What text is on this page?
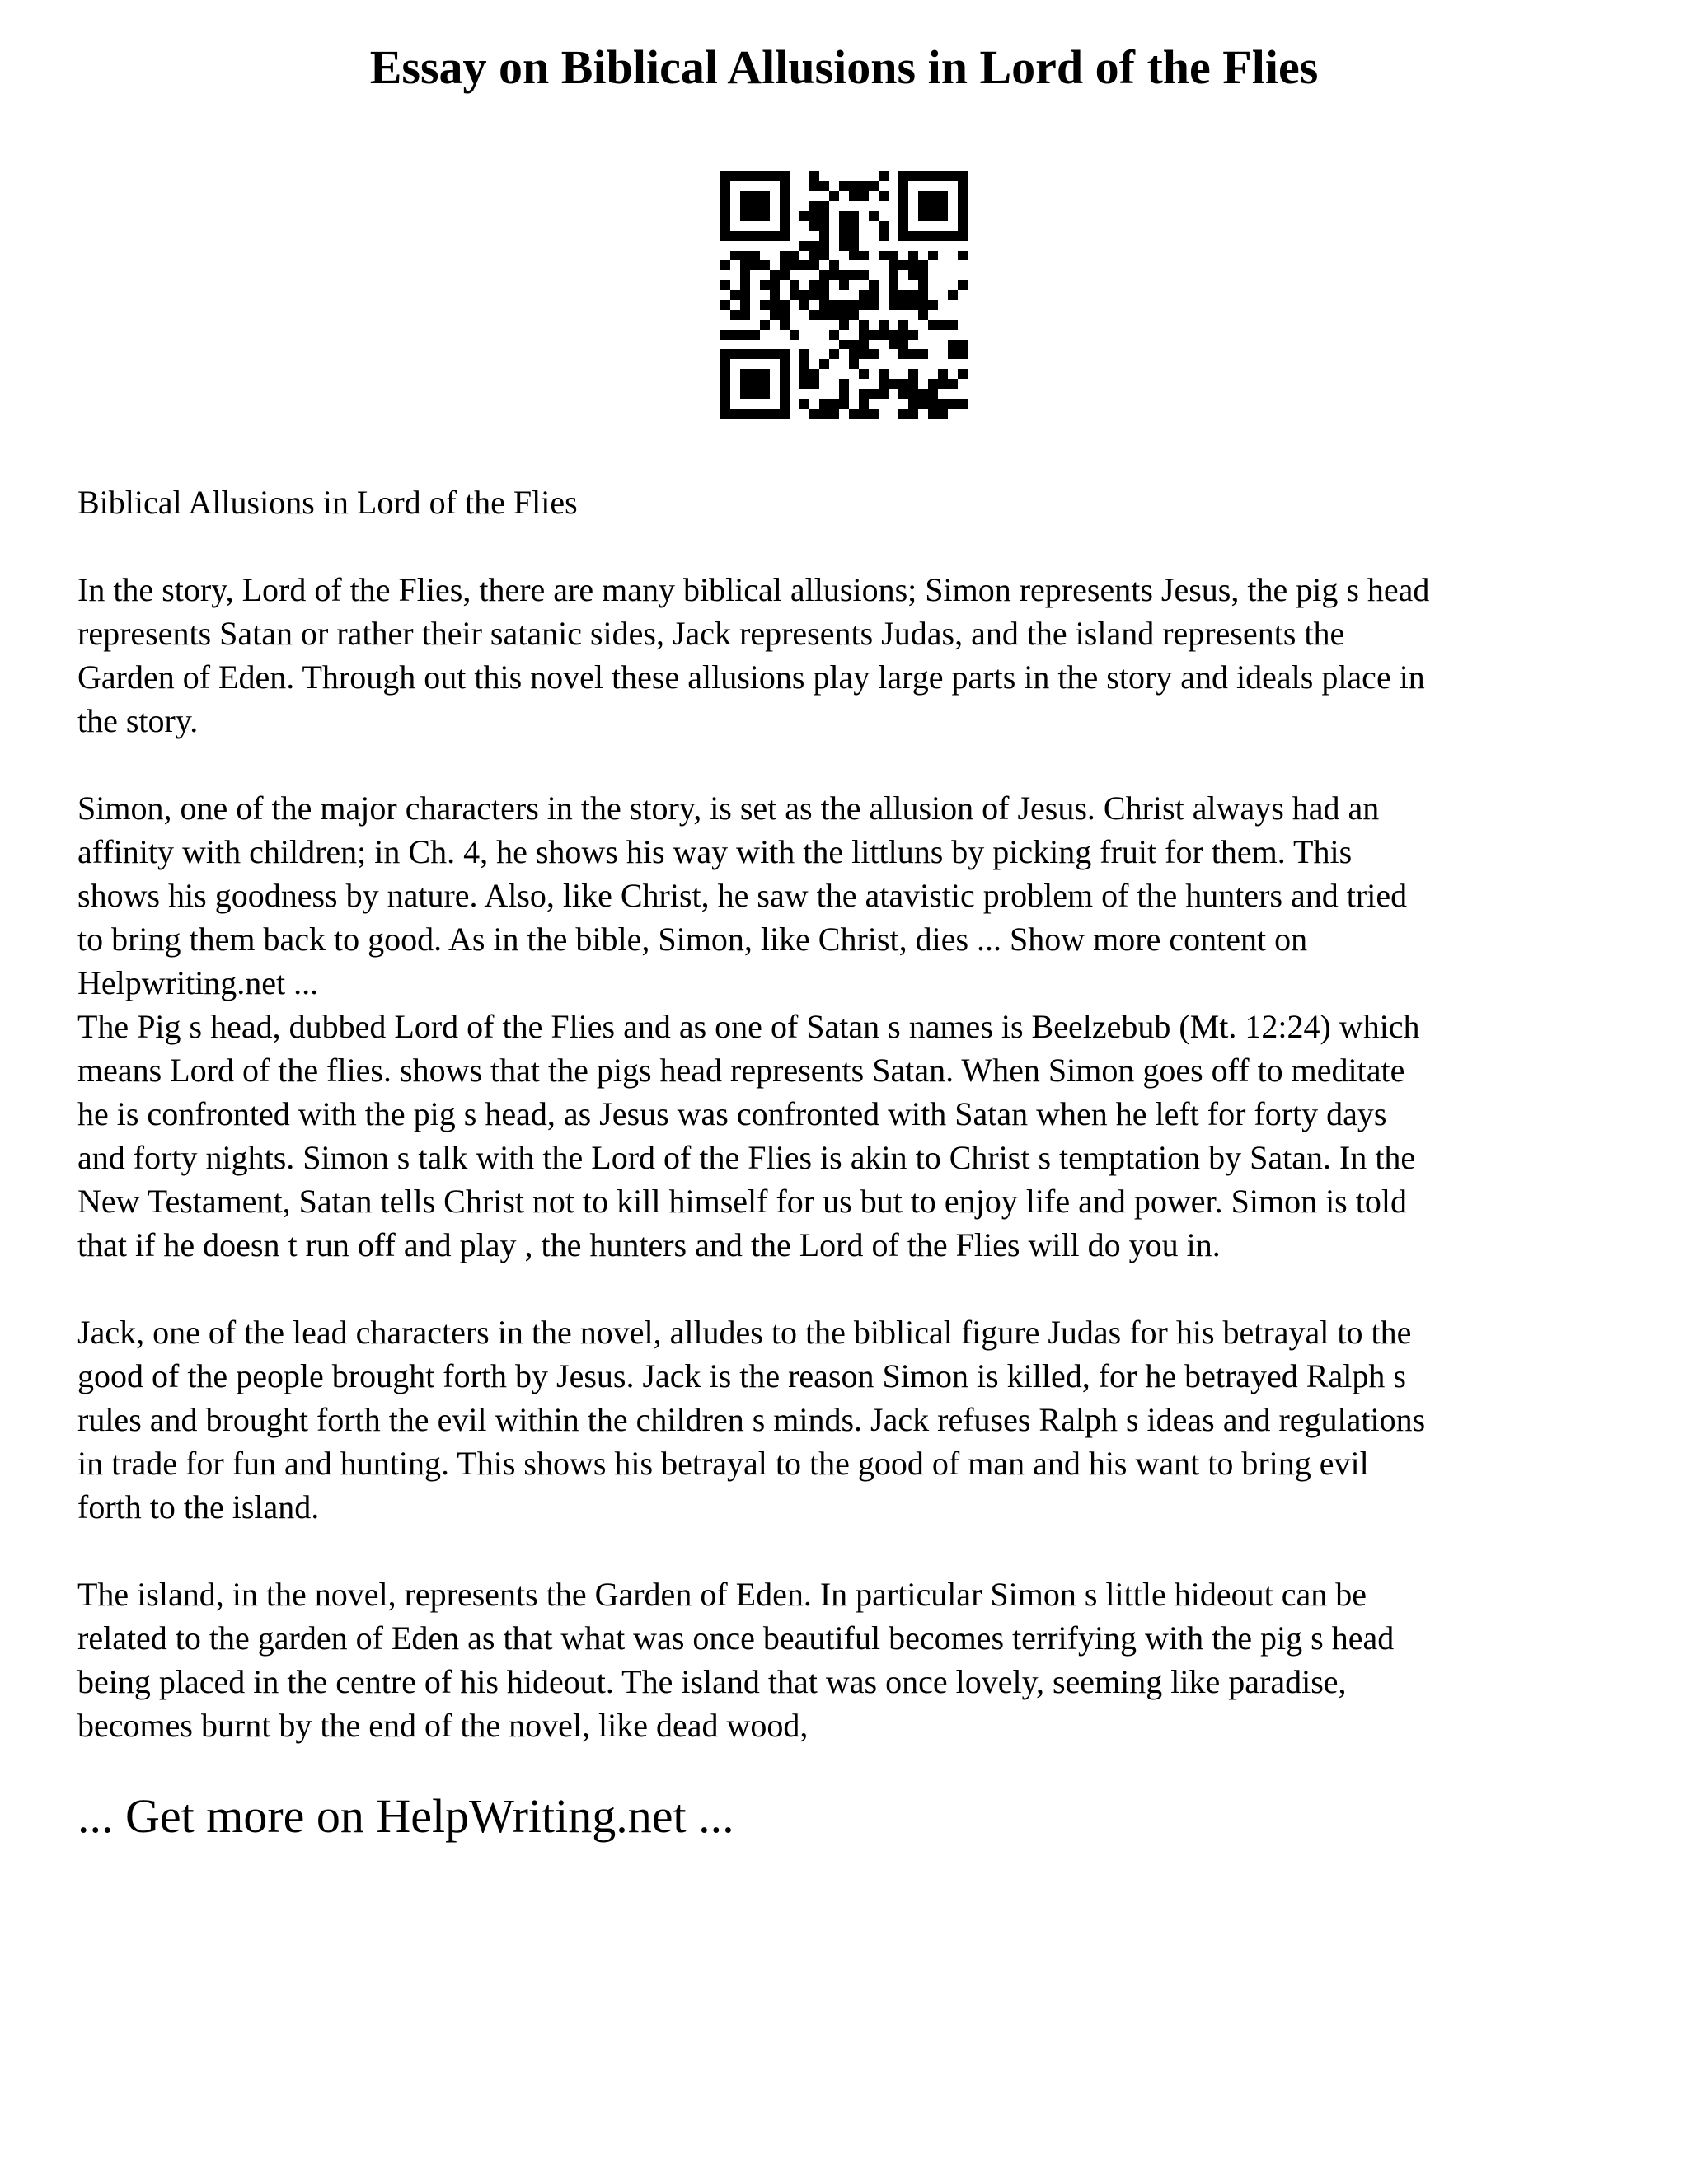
Essay on Biblical Allusions in Lord of the Flies

Biblical Allusions in Lord of the Flies

In the story, Lord of the Flies, there are many biblical allusions; Simon represents Jesus, the pig s head

represents Satan or rather their satanic sides, Jack represents Judas, and the island represents the

Garden of Eden. Through out this novel these allusions play large parts in the story and ideals place in

the story.

Simon, one of the major characters in the story, is set as the allusion of Jesus. Christ always had an

affinity with children; in Ch. 4, he shows his way with the littluns by picking fruit for them. This

shows his goodness by nature. Also, like Christ, he saw the atavistic problem of the hunters and tried

to bring them back to good. As in the bible, Simon, like Christ, dies ... Show more content on

Helpwriting.net ...

The Pig s head, dubbed Lord of the Flies and as one of Satan s names is Beelzebub (Mt. 12:24) which

means Lord of the flies. shows that the pigs head represents Satan. When Simon goes off to meditate

he is confronted with the pig s head, as Jesus was confronted with Satan when he left for forty days

and forty nights. Simon s talk with the Lord of the Flies is akin to Christ s temptation by Satan. In the

New Testament, Satan tells Christ not to kill himself for us but to enjoy life and power. Simon is told

that if he doesn t run off and play , the hunters and the Lord of the Flies will do you in.

Jack, one of the lead characters in the novel, alludes to the biblical figure Judas for his betrayal to the

good of the people brought forth by Jesus. Jack is the reason Simon is killed, for he betrayed Ralph s

rules and brought forth the evil within the children s minds. Jack refuses Ralph s ideas and regulations

in trade for fun and hunting. This shows his betrayal to the good of man and his want to bring evil

forth to the island.

The island, in the novel, represents the Garden of Eden. In particular Simon s little hideout can be

related to the garden of Eden as that what was once beautiful becomes terrifying with the pig s head

being placed in the centre of his hideout. The island that was once lovely, seeming like paradise,

becomes burnt by the end of the novel, like dead wood,

... Get more on HelpWriting.net ...
